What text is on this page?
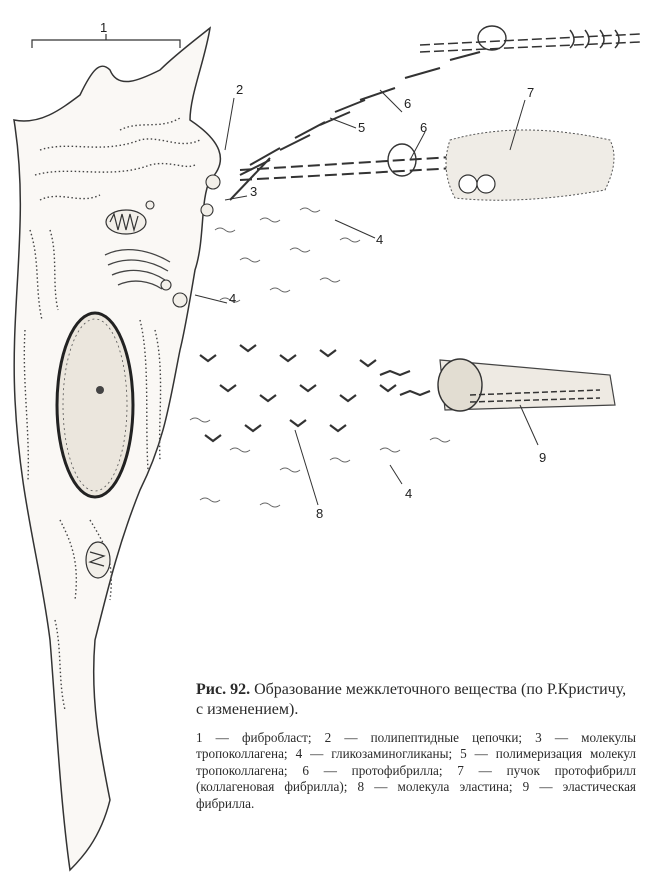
1
2
3
4
4
4
5
6
6
7
8
9

Рис. 92. Образование межклеточного вещества (по Р.Кристичу, с изменением).

1 — фибробласт; 2 — полипептидные цепочки; 3 — молекулы тропоколлагена; 4 — гликозаминогликаны; 5 — полимеризация молекул тропоколлагена; 6 — протофибрилла; 7 — пучок протофибрилл (коллагеновая фибрилла); 8 — молекула эластина; 9 — эластическая фибрилла.
